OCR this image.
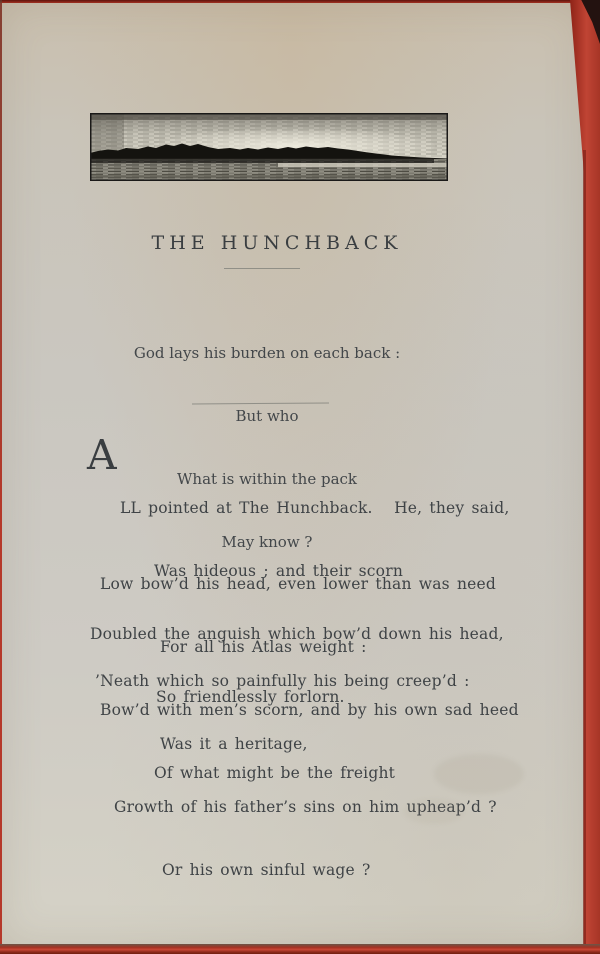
THE HUNCHBACK

God lays his burden on each back :

But who

What is within the pack

May know ?

A

LL pointed at The Hunchback.   He, they said,

Was hideous ; and their scorn

Doubled the anguish which bow’d down his head,

So friendlessly forlorn.

Low bow’d his head, even lower than was need

For all his Atlas weight :

Bow’d with men’s scorn, and by his own sad heed

Of what might be the freight

’Neath which so painfully his being creep’d :

Was it a heritage,

Growth of his father’s sins on him upheap’d ?

Or his own sinful wage ?
